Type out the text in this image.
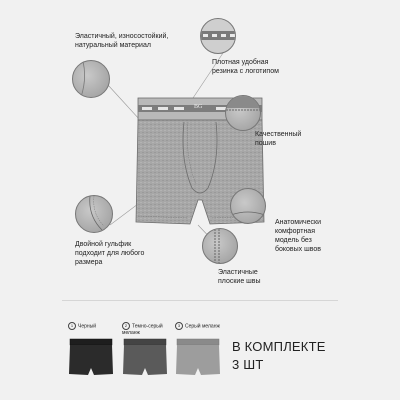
BG
Эластичный, износостойкий, натуральный материал
Плотная удобная резинка с логотипом
Качественный пошив
Двойной гульфик подходит для любого размера
Анатомически комфортная модель без боковых швов
Эластичные плоские швы
1 Черный	2 Темно-серый меланж
3 Серый меланж
В КОМПЛЕКТЕ
3 ШТ
